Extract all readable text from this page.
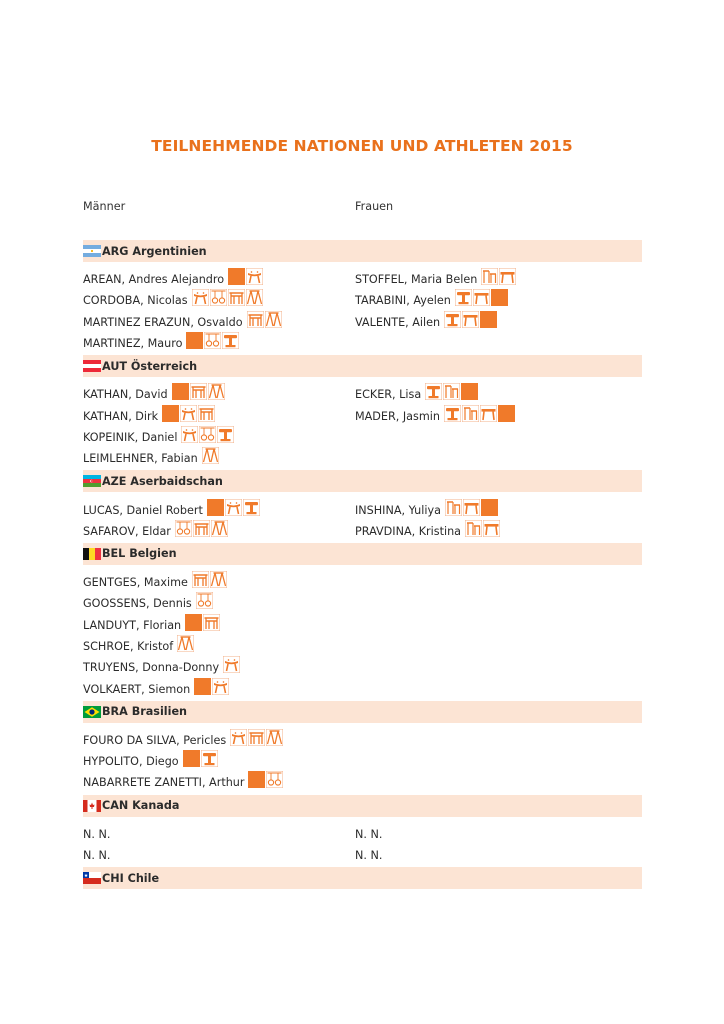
TEILNEHMENDE NATIONEN UND ATHLETEN 2015
Männer	Frauen
ARG Argentinien
AREAN, Andres Alejandro	STOFFEL, Maria Belen
CORDOBA, Nicolas	TARABINI, Ayelen
MARTINEZ ERAZUN, Osvaldo	VALENTE, Ailen
MARTINEZ, Mauro
AUT Österreich
KATHAN, David	ECKER, Lisa
KATHAN, Dirk	MADER, Jasmin
KOPEINIK, Daniel
LEIMLEHNER, Fabian
AZE Aserbaidschan
LUCAS, Daniel Robert	INSHINA, Yuliya
SAFAROV, Eldar	PRAVDINA, Kristina
BEL Belgien
GENTGES, Maxime
GOOSSENS, Dennis
LANDUYT, Florian
SCHROE, Kristof
TRUYENS, Donna-Donny
VOLKAERT, Siemon
BRA Brasilien
FOURO DA SILVA, Pericles
HYPOLITO, Diego
NABARRETE ZANETTI, Arthur
CAN Kanada
N. N.	N. N.
N. N.	N. N.
CHI Chile
